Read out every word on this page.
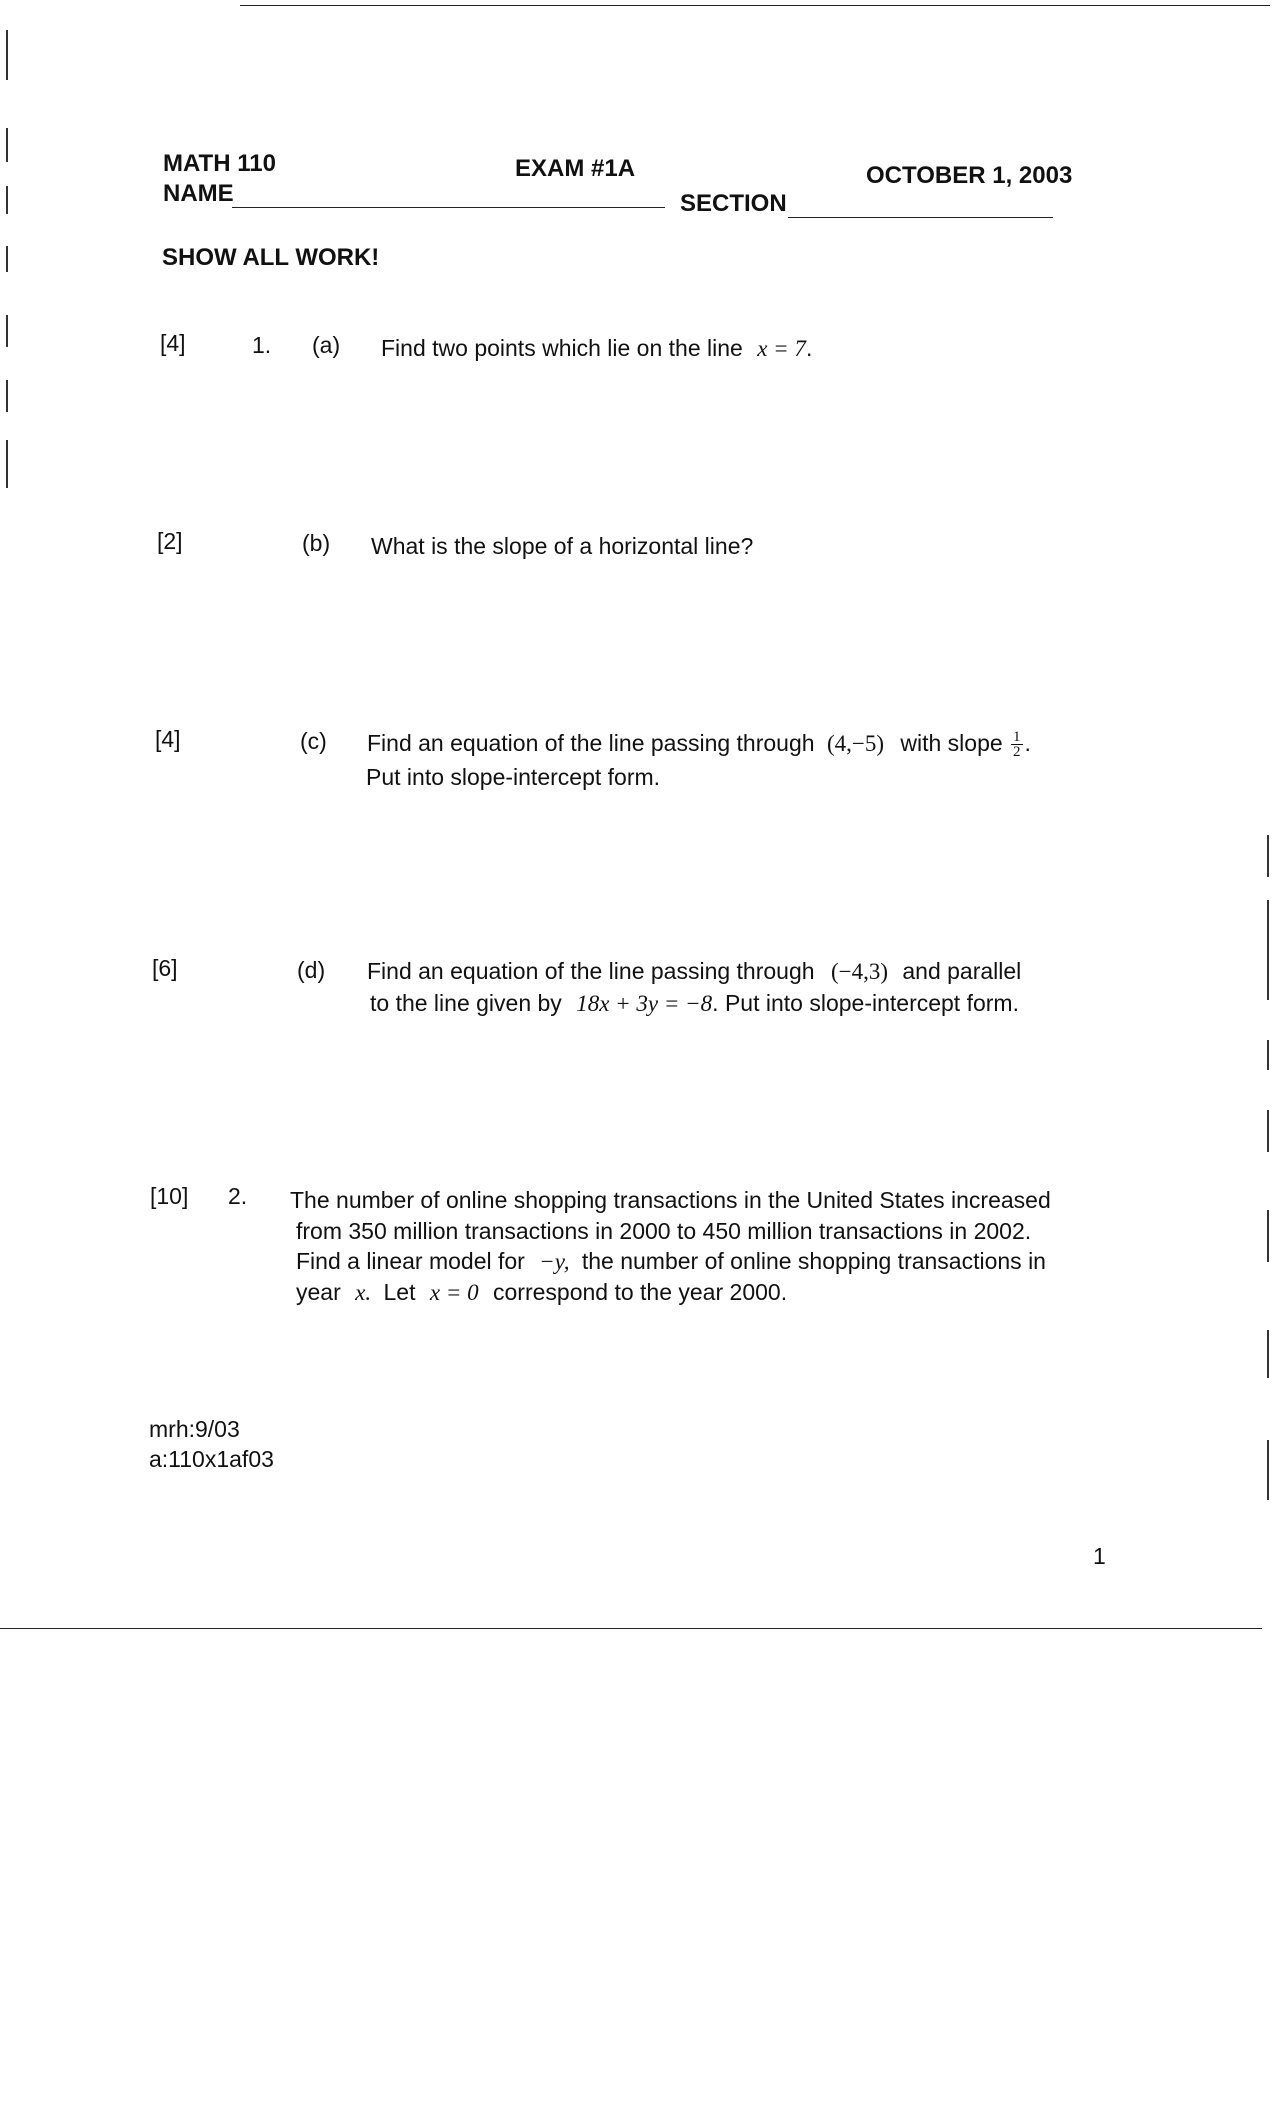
MATH 110	EXAM #1A	OCTOBER 1, 2003
NAME	SECTION
SHOW ALL WORK!
[4]	1. (a) Find two points which lie on the line x = 7.
[2]	(b) What is the slope of a horizontal line?
[4]	(c) Find an equation of the line passing through (4,−5) with slope $\frac{1}{2}$ .
Put into slope-intercept form.
[6]	(d) Find an equation of the line passing through (−4,3) and parallel
to the line given by 18x + 3y = −8. Put into slope-intercept form.
[10] 2. The number of online shopping transactions in the United States increased
from 350 million transactions in 2000 to 450 million transactions in 2002.
Find a linear model for −y, the number of online shopping transactions in
year x. Let x = 0 correspond to the year 2000.
mrh:9/03
a:110x1af03
1
